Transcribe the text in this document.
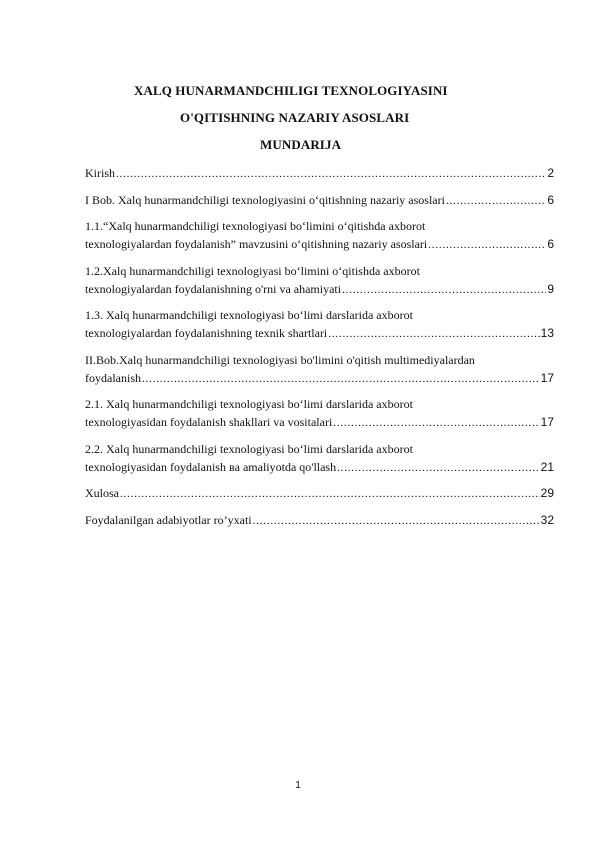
XALQ HUNARMANDCHILIGI TEXNOLOGIYASINI
O'QITISHNING NAZARIY ASOSLARI
MUNDARIJA
Kirish .....	2
I Bob. Xalq hunarmandchiligi texnologiyasini o‘qitishning nazariy asoslari .....	6
1.1.“Xalq hunarmandchiligi texnologiyasi bo‘limini o‘qitishda axborot
texnologiyalardan foydalanish” mavzusini o‘qitishning nazariy asoslari .....	6
1.2.Xalq hunarmandchiligi texnologiyasi bo‘limini o‘qitishda axborot
texnologiyalardan foydalanishning o'rni va ahamiyati .....	9
1.3. Xalq hunarmandchiligi texnologiyasi bo‘limi darslarida axborot
texnologiyalardan foydalanishning texnik shartlari .....	13
II.Bob.Xalq hunarmandchiligi texnologiyasi bo'limini o'qitish multimediyalardan
foydalanish .....	17
2.1. Xalq hunarmandchiligi texnologiyasi bo‘limi darslarida axborot
texnologiyasidan foydalanish shakllari va vositalari .....	17
2.2. Xalq hunarmandchiligi texnologiyasi bo‘limi darslarida axborot
texnologiyasidan foydalanish вa amaliyotda qo'llash .....	21
Xulosa .....	29
Foydalanilgan adabiyotlar ro’yxati .....	32
1
